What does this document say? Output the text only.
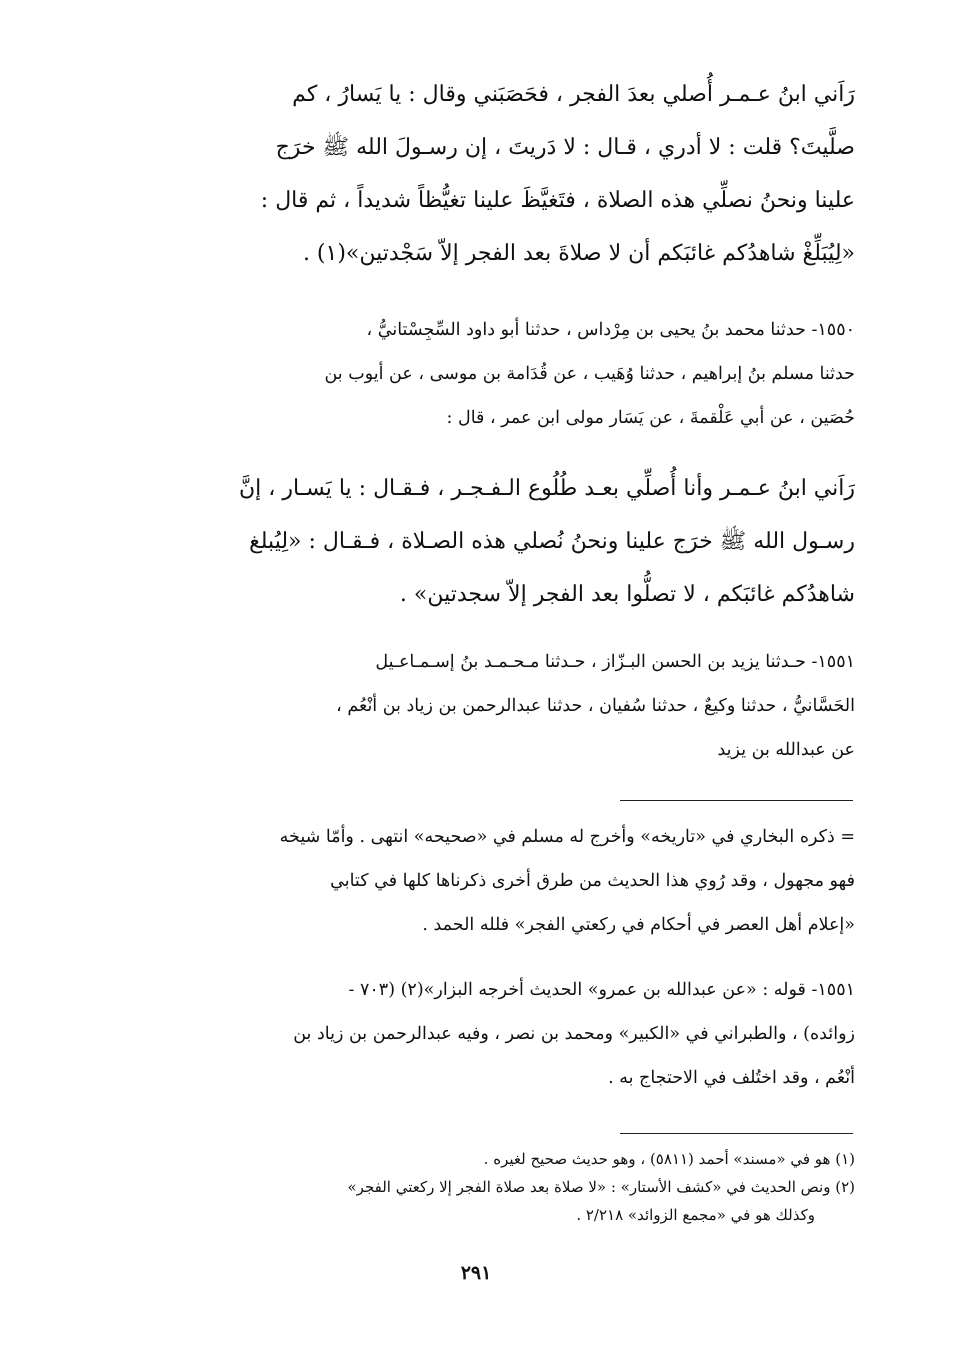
رَاَني ابنُ عـمـر أُصلي بعدَ الفجر ، فحَصَبَني وقال : يا يَسارُ ، كم
صلَّيتَ؟ قلت : لا أدري ، قـال : لا دَريتَ ، إن رسـولَ الله ﷺ خرَج
علينا ونحنُ نصلِّي هذه الصلاة ، فتَغيَّظَ علينا تغيُّظاً شديداً ، ثم قال :
«لِيُبَلِّغْ شاهدُكم غائبَكم أن لا صلاةَ بعد الفجر إلاّ سَجْدتين»(١) .
١٥٥٠- حدثنا محمد بنُ يحيى بن مِرْداس ، حدثنا أبو داود السِّجِسْتانيُّ ،
حدثنا مسلم بنُ إبراهيم ، حدثنا وُهَيب ، عن قُدَامة بن موسى ، عن أيوب بن
حُصَين ، عن أبي عَلْقمةَ ، عن يَسَار مولى ابن عمر ، قال :
رَاَني ابنُ عـمـر وأنا أُصلِّي بعـد طُلُوع الـفـجـر ، فـقـال : يا يَسـار ، إنَّ
رسـول الله ﷺ خرَج علينا ونحنُ نُصلي هذه الصـلاة ، فـقـال : «لِيُبلغ
شاهدُكم غائبَكم ، لا تصلُّوا بعد الفجر إلاّ سجدتين» .
١٥٥١- حـدثنا يزيد بن الحسن البـزّاز ، حـدثنا مـحـمـد بنُ إسـمـاعـيل
الحَسَّانيُّ ، حدثنا وكيعٌ ، حدثنا سُفيان ، حدثنا عبدالرحمن بن زياد بن أنْعُم ،
عن عبدالله بن يزيد
= ذكره البخاري في «تاريخه» وأخرج له مسلم في «صحيحه» انتهى . وأمّا شيخه
فهو مجهول ، وقد رُوي هذا الحديث من طرق أخرى ذكرناها كلها في كتابي
«إعلام أهل العصر في أحكام في ركعتي الفجر» فلله الحمد .
١٥٥١- قوله : «عن عبدالله بن عمرو» الحديث أخرجه البزار»(٢) (٧٠٣ -
زوائده) ، والطبراني في «الكبير» ومحمد بن نصر ، وفيه عبدالرحمن بن زياد بن
أنْعُم ، وقد اختُلف في الاحتجاج به .
(١) هو في «مسند» أحمد (٥٨١١) ، وهو حديث صحيح لغيره .
(٢) ونص الحديث في «كشف الأستار» : «لا صلاة بعد صلاة الفجر إلا ركعتي الفجر»
وكذلك هو في «مجمع الزوائد» ٢/٢١٨ .
٢٩١
